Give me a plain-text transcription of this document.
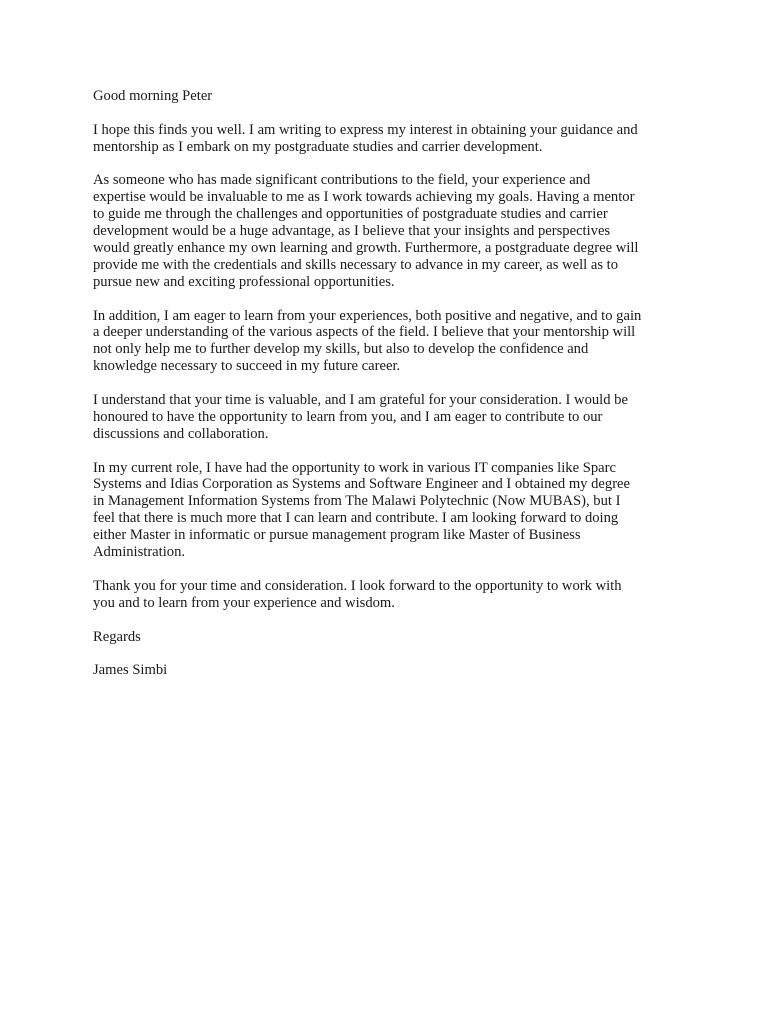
Good morning Peter
I hope this finds you well. I am writing to express my interest in obtaining your guidance and
mentorship as I embark on my postgraduate studies and carrier development.
As someone who has made significant contributions to the field, your experience and
expertise would be invaluable to me as I work towards achieving my goals. Having a mentor
to guide me through the challenges and opportunities of postgraduate studies and carrier
development would be a huge advantage, as I believe that your insights and perspectives
would greatly enhance my own learning and growth. Furthermore, a postgraduate degree will
provide me with the credentials and skills necessary to advance in my career, as well as to
pursue new and exciting professional opportunities.
In addition, I am eager to learn from your experiences, both positive and negative, and to gain
a deeper understanding of the various aspects of the field. I believe that your mentorship will
not only help me to further develop my skills, but also to develop the confidence and
knowledge necessary to succeed in my future career.
I understand that your time is valuable, and I am grateful for your consideration. I would be
honoured to have the opportunity to learn from you, and I am eager to contribute to our
discussions and collaboration.
In my current role, I have had the opportunity to work in various IT companies like Sparc
Systems and Idias Corporation as Systems and Software Engineer and I obtained my degree
in Management Information Systems from The Malawi Polytechnic (Now MUBAS), but I
feel that there is much more that I can learn and contribute. I am looking forward to doing
either Master in informatic or pursue management program like Master of Business
Administration.
Thank you for your time and consideration. I look forward to the opportunity to work with
you and to learn from your experience and wisdom.
Regards
James Simbi
